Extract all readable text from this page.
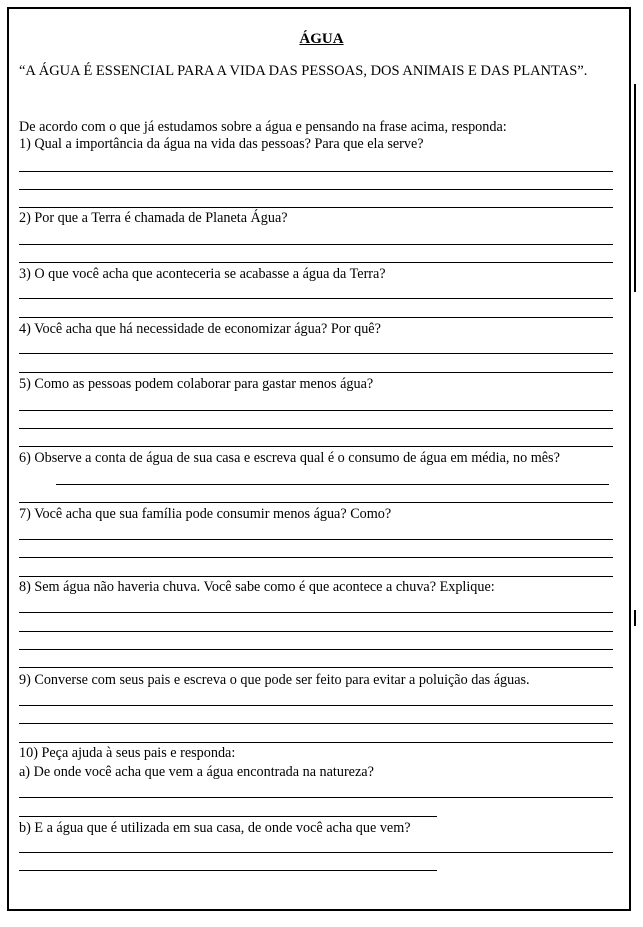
ÁGUA
“A ÁGUA É ESSENCIAL PARA A VIDA DAS PESSOAS, DOS ANIMAIS E DAS PLANTAS”.
De acordo com o que já estudamos sobre a água e pensando na frase acima, responda:
1) Qual a importância da água na vida das pessoas? Para que ela serve?
2) Por que a Terra é chamada de Planeta Água?
3) O que você acha que aconteceria se acabasse a água da Terra?
4) Você acha que há necessidade de economizar água? Por quê?
5) Como as pessoas podem colaborar para gastar menos água?
6) Observe a conta de água de sua casa e escreva qual é o consumo de água em média, no mês?
7) Você acha que sua família pode consumir menos água? Como?
8) Sem água não haveria chuva. Você sabe como é que acontece a chuva? Explique:
9) Converse com seus pais e escreva o que pode ser feito para evitar a poluição das águas.
10) Peça ajuda à seus pais e responda:
a) De onde você acha que vem a água encontrada na natureza?
b) E a água que é utilizada em sua casa, de onde você acha que vem?
